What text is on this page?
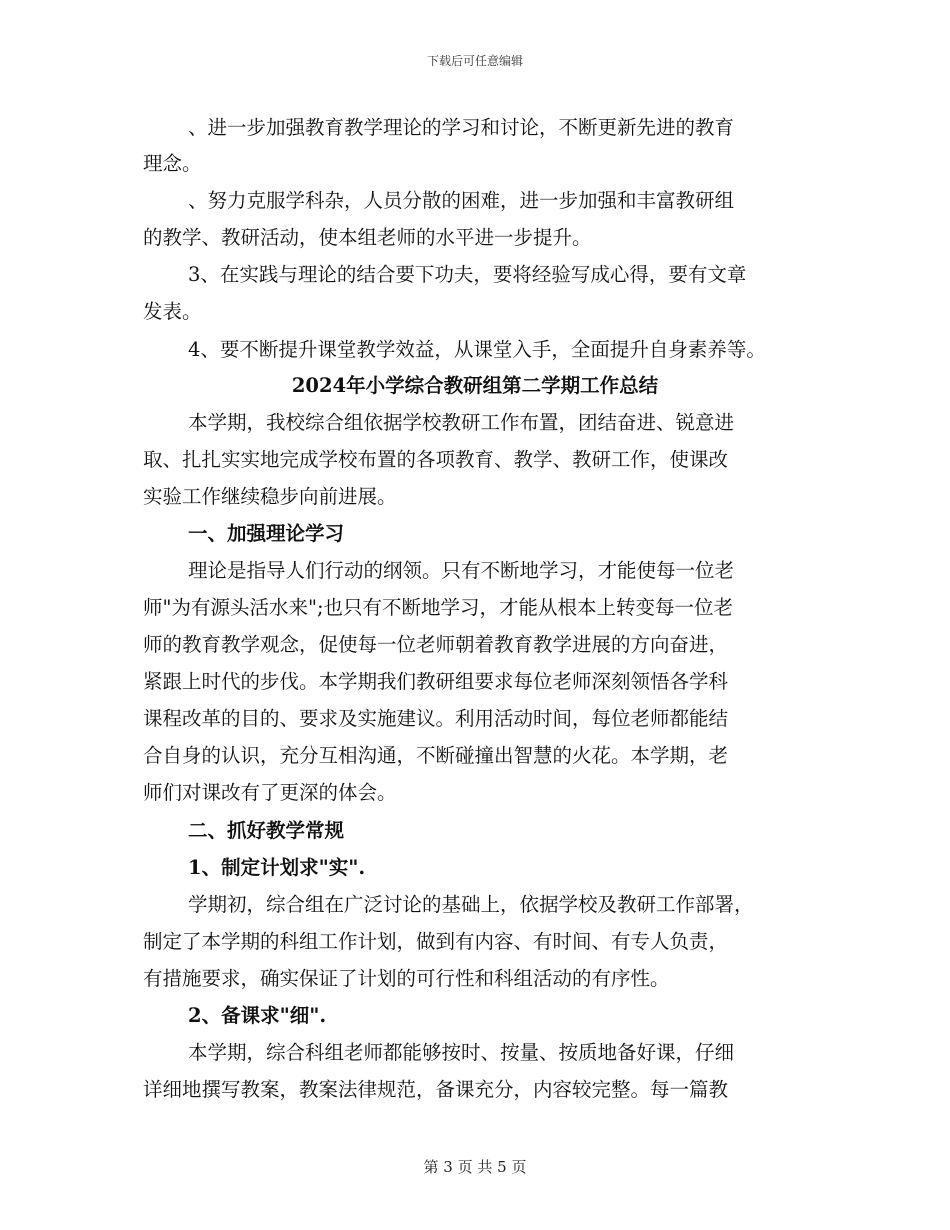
下载后可任意编辑
、进一步加强教育教学理论的学习和讨论，不断更新先进的教育
理念。
、努力克服学科杂，人员分散的困难，进一步加强和丰富教研组
的教学、教研活动，使本组老师的水平进一步提升。
3、在实践与理论的结合要下功夫，要将经验写成心得，要有文章
发表。
4、要不断提升课堂教学效益，从课堂入手，全面提升自身素养等。
2024年小学综合教研组第二学期工作总结
本学期，我校综合组依据学校教研工作布置，团结奋进、锐意进
取、扎扎实实地完成学校布置的各项教育、教学、教研工作，使课改
实验工作继续稳步向前进展。
一、加强理论学习
理论是指导人们行动的纲领。只有不断地学习，才能使每一位老
师"为有源头活水来";也只有不断地学习，才能从根本上转变每一位老
师的教育教学观念，促使每一位老师朝着教育教学进展的方向奋进，
紧跟上时代的步伐。本学期我们教研组要求每位老师深刻领悟各学科
课程改革的目的、要求及实施建议。利用活动时间，每位老师都能结
合自身的认识，充分互相沟通，不断碰撞出智慧的火花。本学期，老
师们对课改有了更深的体会。
二、抓好教学常规
1、制定计划求"实".
学期初，综合组在广泛讨论的基础上，依据学校及教研工作部署，
制定了本学期的科组工作计划，做到有内容、有时间、有专人负责，
有措施要求，确实保证了计划的可行性和科组活动的有序性。
2、备课求"细".
本学期，综合科组老师都能够按时、按量、按质地备好课，仔细
详细地撰写教案，教案法律规范，备课充分，内容较完整。每一篇教
第 3 页 共 5 页
